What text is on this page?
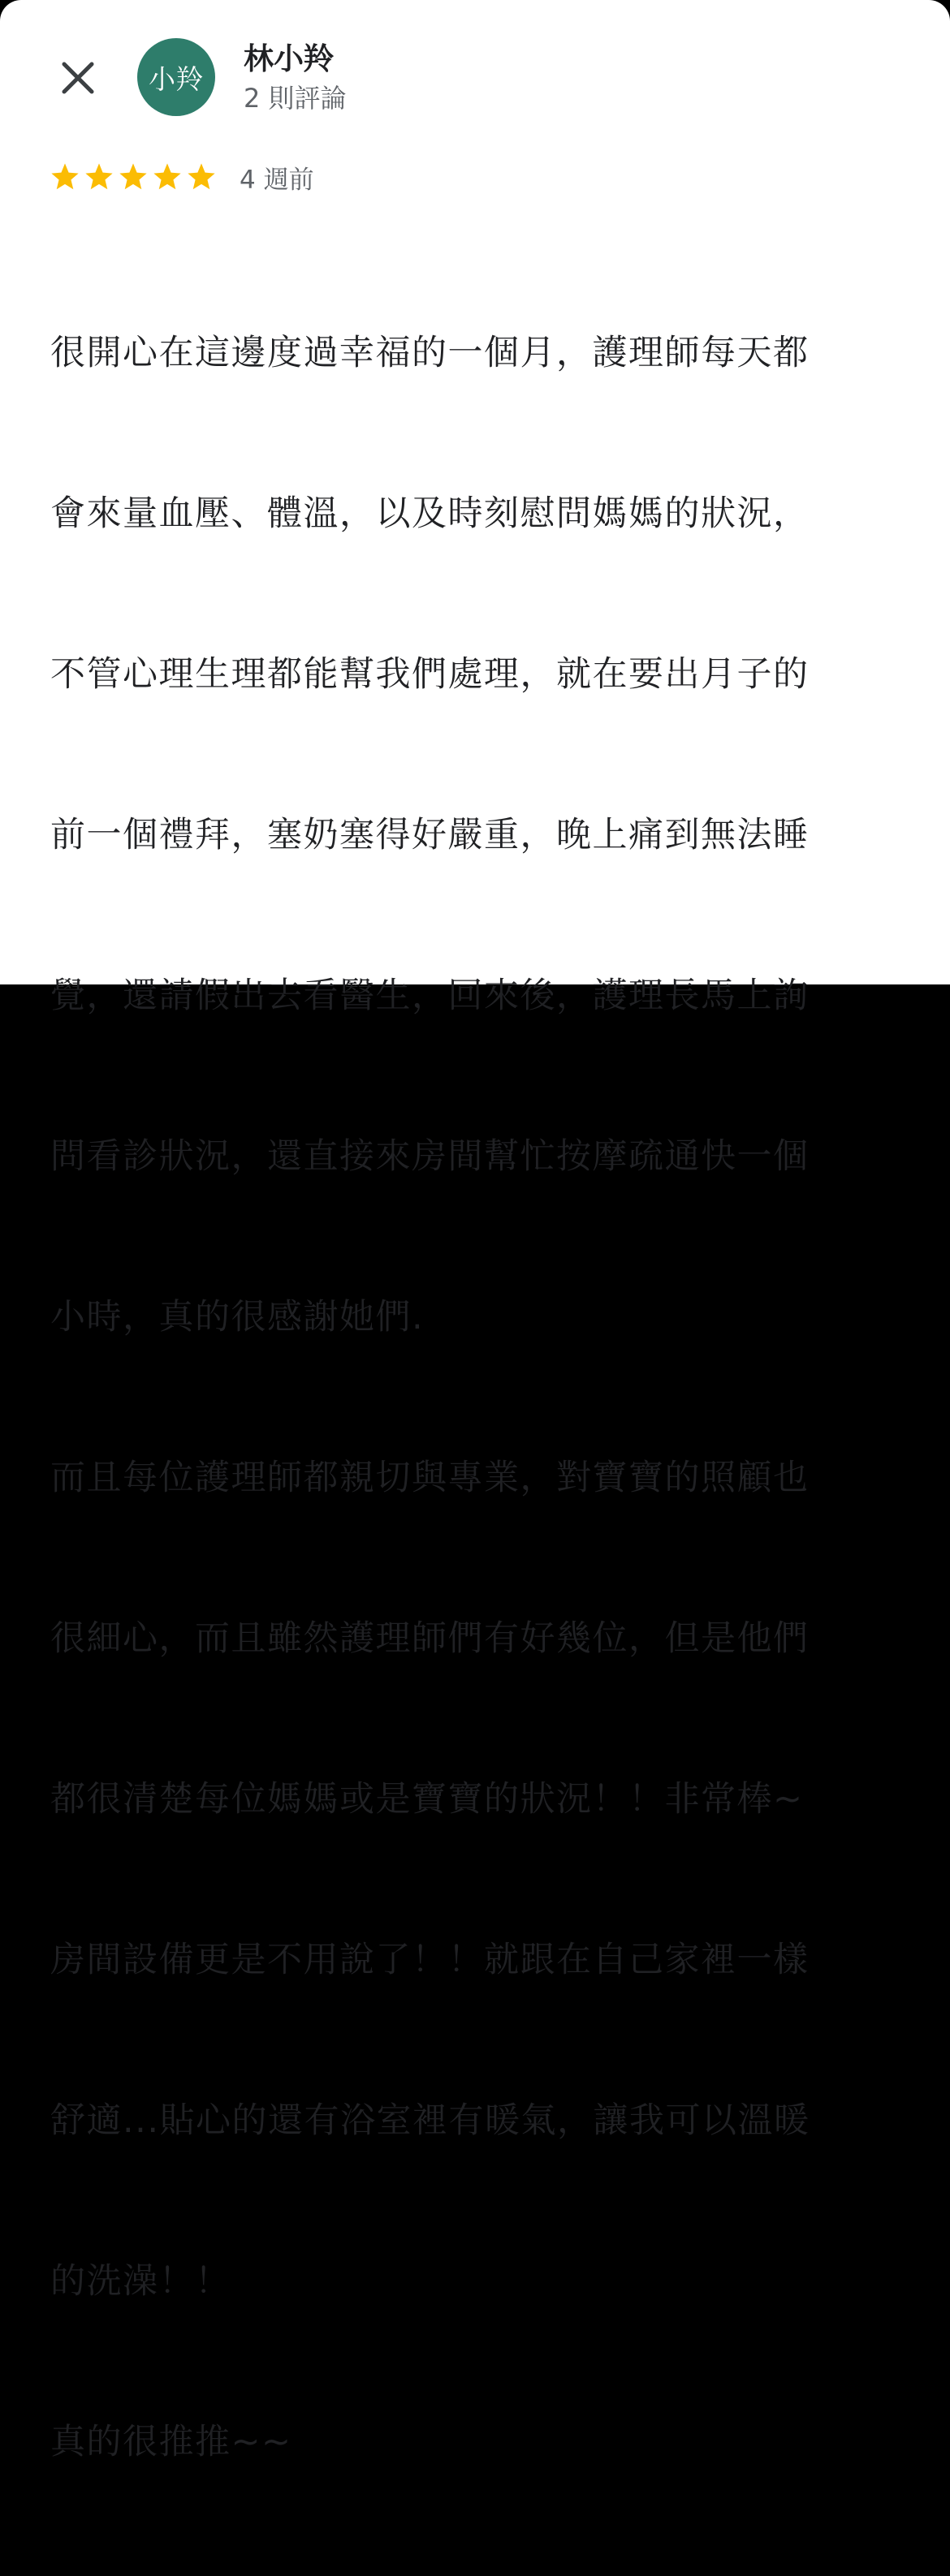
小羚
林小羚
2 則評論
4 週前

很開心在這邊度過幸福的一個月，護理師每天都

會來量血壓、體溫，以及時刻慰問媽媽的狀況，

不管心理生理都能幫我們處理，就在要出月子的

前一個禮拜，塞奶塞得好嚴重，晚上痛到無法睡

覺，還請假出去看醫生，回來後，護理長馬上詢

問看診狀況，還直接來房間幫忙按摩疏通快一個

小時，真的很感謝她們.

而且每位護理師都親切與專業，對寶寶的照顧也

很細心，而且雖然護理師們有好幾位，但是他們

都很清楚每位媽媽或是寶寶的狀況！！非常棒~

房間設備更是不用說了！！就跟在自己家裡一樣

舒適...貼心的還有浴室裡有暖氣，讓我可以溫暖

的洗澡！！

真的很推推~~
